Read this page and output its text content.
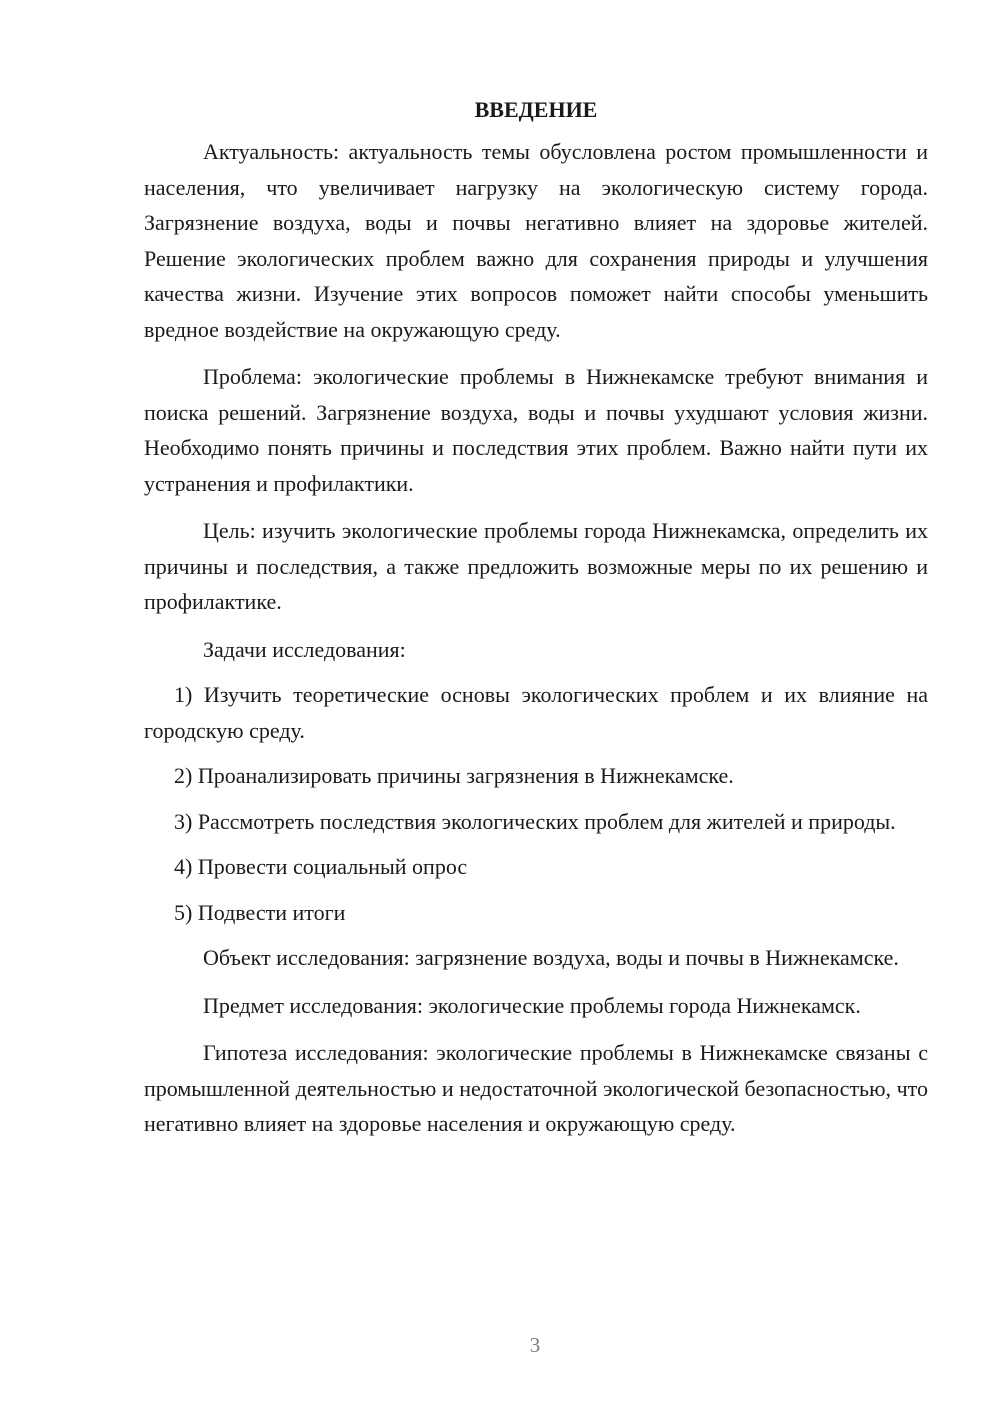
ВВЕДЕНИЕ

Актуальность: актуальность темы обусловлена ростом промышленности и населения, что увеличивает нагрузку на экологическую систему города. Загрязнение воздуха, воды и почвы негативно влияет на здоровье жителей. Решение экологических проблем важно для сохранения природы и улучшения качества жизни. Изучение этих вопросов поможет найти способы уменьшить вредное воздействие на окружающую среду.

Проблема: экологические проблемы в Нижнекамске требуют внимания и поиска решений. Загрязнение воздуха, воды и почвы ухудшают условия жизни. Необходимо понять причины и последствия этих проблем. Важно найти пути их устранения и профилактики.

Цель: изучить экологические проблемы города Нижнекамска, определить их причины и последствия, а также предложить возможные меры по их решению и профилактике.

Задачи исследования:

1) Изучить теоретические основы экологических проблем и их влияние на городскую среду.

2) Проанализировать причины загрязнения в Нижнекамске.

3) Рассмотреть последствия экологических проблем для жителей и природы.

4) Провести социальный опрос

5) Подвести итоги

Объект исследования: загрязнение воздуха, воды и почвы в Нижнекамске.

Предмет исследования: экологические проблемы города Нижнекамск.

Гипотеза исследования: экологические проблемы в Нижнекамске связаны с промышленной деятельностью и недостаточной экологической безопасностью, что негативно влияет на здоровье населения и окружающую среду.

3
